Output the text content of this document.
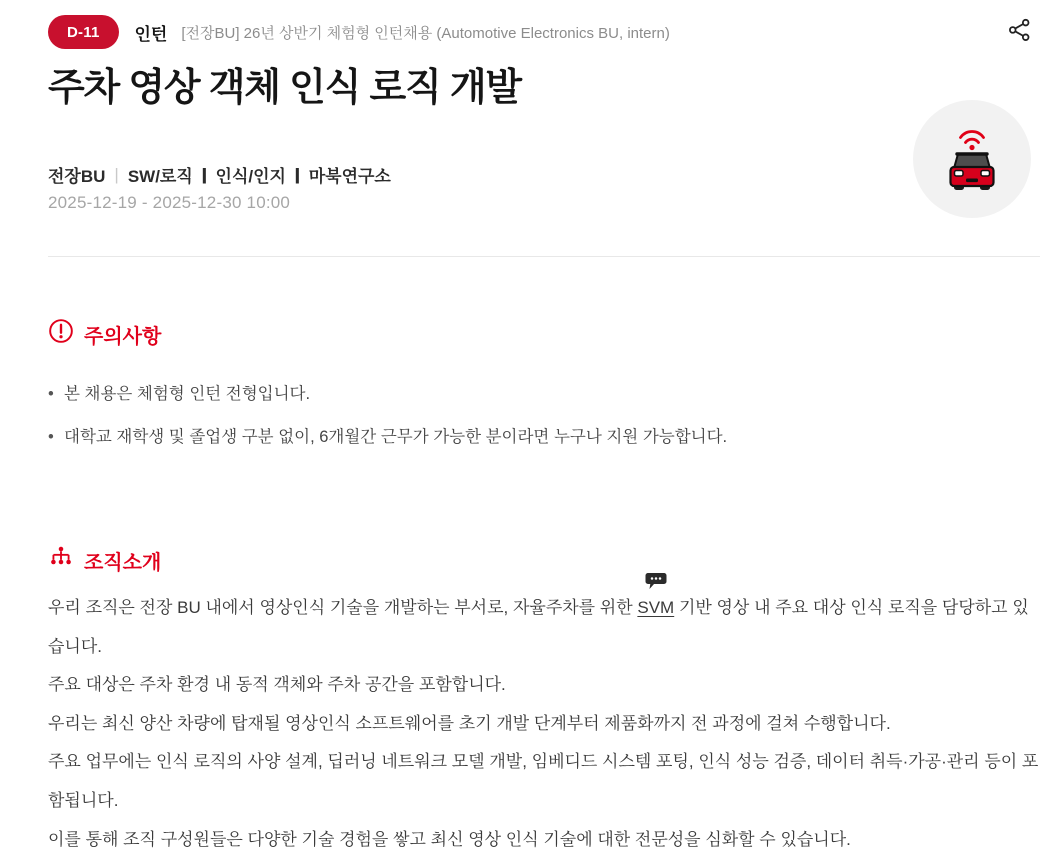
D-11	인턴 [전장BU] 26년 상반기 체험형 인턴채용 (Automotive Electronics BU, intern)
주차 영상 객체 인식 로직 개발
전장BU | SW/로직 | 인식/인지 | 마북연구소
2025-12-19 - 2025-12-30 10:00
주의사항
• 본 채용은 체험형 인턴 전형입니다.
• 대학교 재학생 및 졸업생 구분 없이, 6개월간 근무가 가능한 분이라면 누구나 지원 가능합니다.
조직소개

우리 조직은 전장 BU 내에서 영상인식 기술을 개발하는 부서로, 자율주차를 위한
SVM 기반 영상 내 주요 대상 인식 로직을 담당하고 있습니다.

주요 대상은 주차 환경 내 동적 객체와 주차 공간을 포함합니다.

우리는 최신 양산 차량에 탑재될 영상인식 소프트웨어를 초기 개발 단계부터 제품화까지 전 과정에 걸쳐 수행합니다.

주요 업무에는 인식 로직의 사양 설계, 딥러닝 네트워크 모델 개발, 임베디드 시스템 포팅, 인식 성능 검증, 데이터 취득·가공·관리 등이 포함됩니다.

이를 통해 조직 구성원들은 다양한 기술 경험을 쌓고 최신 영상 인식 기술에 대한 전문성을 심화할 수 있습니다.
